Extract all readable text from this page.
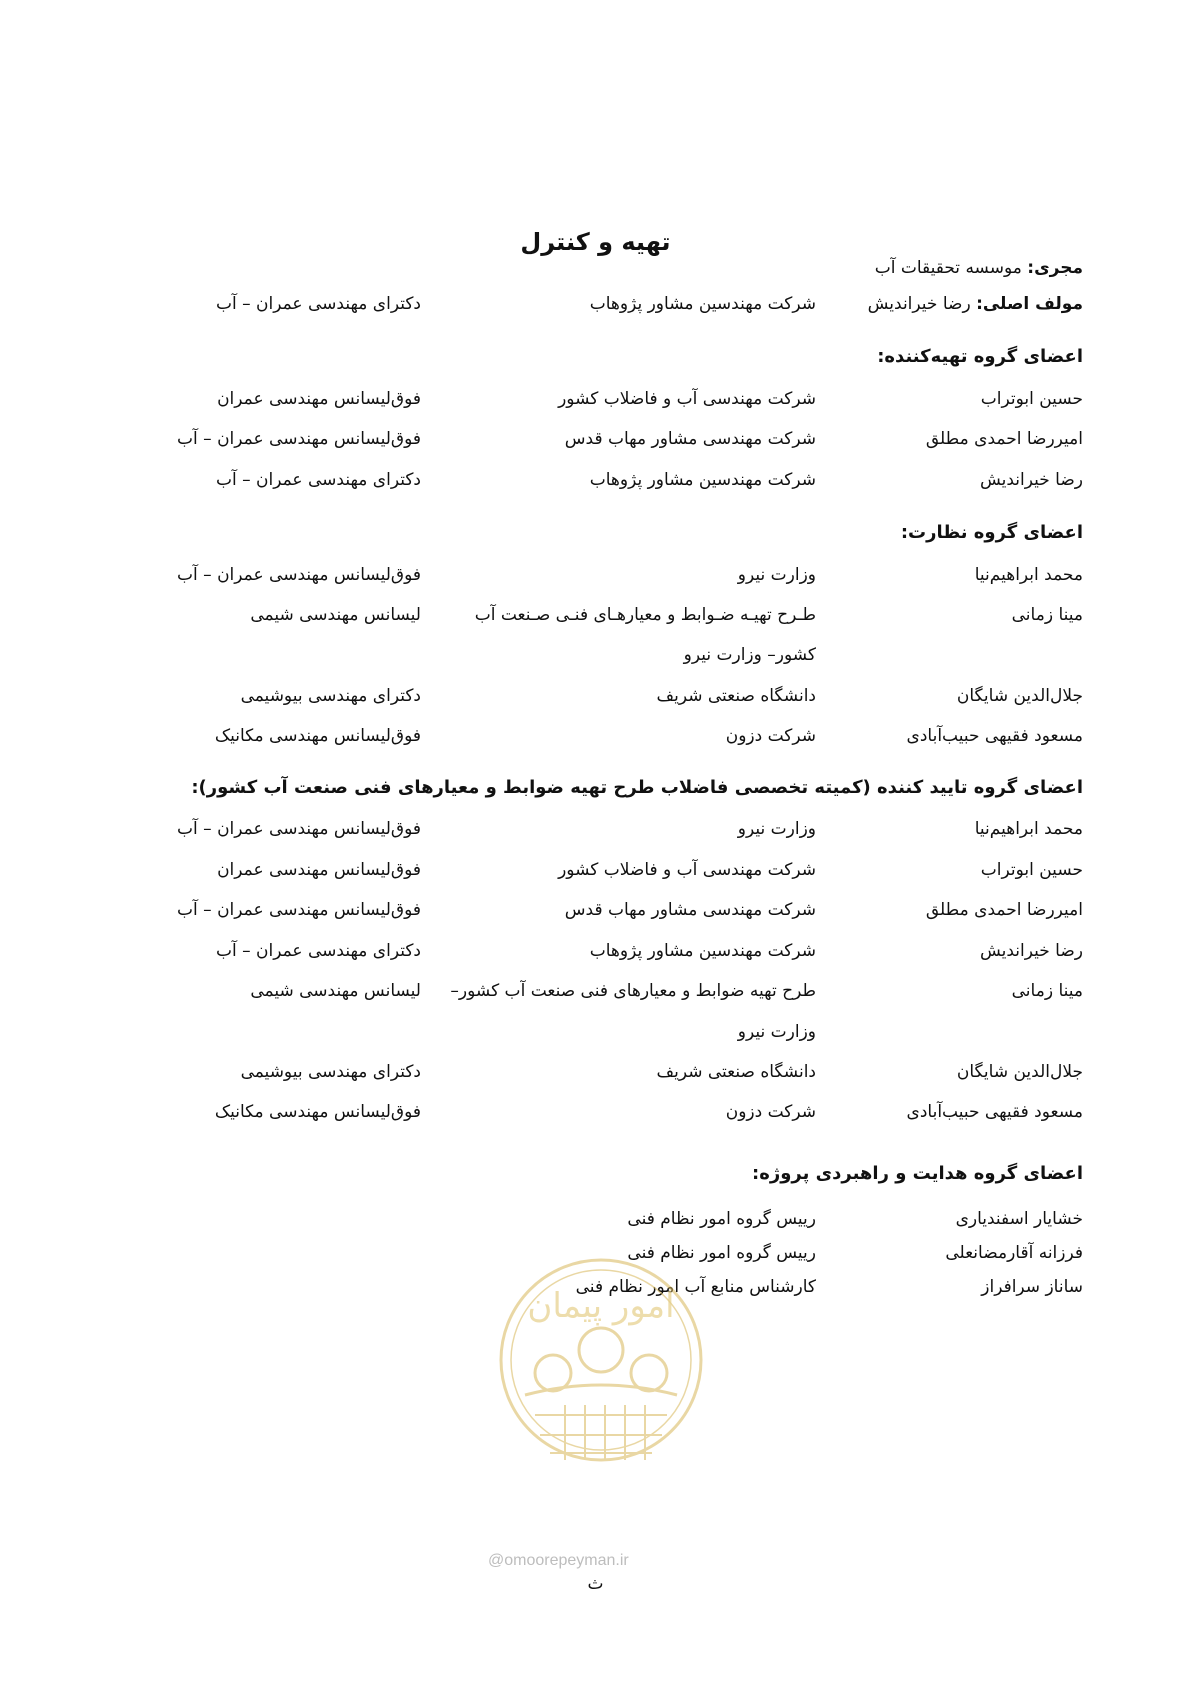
تهیه و کنترل
مجری: موسسه تحقیقات آب
مولف اصلی: رضا خیراندیش
شرکت مهندسین مشاور پژوهاب
دکترای مهندسی عمران – آب
اعضای گروه تهیه‌کننده:
حسین ابوتراب
شرکت مهندسی آب و فاضلاب کشور
فوق‌لیسانس مهندسی عمران
امیررضا احمدی مطلق
شرکت مهندسی مشاور مهاب قدس
فوق‌لیسانس مهندسی عمران – آب
رضا خیراندیش
شرکت مهندسین مشاور پژوهاب
دکترای مهندسی عمران – آب
اعضای گروه نظارت:
محمد ابراهیم‌نیا
وزارت نیرو
فوق‌لیسانس مهندسی عمران – آب
مینا زمانی
طـرح تهیـه ضـوابط و معیارهـای فنـی صـنعت آب
کشور– وزارت نیرو
لیسانس مهندسی شیمی
جلال‌الدین شایگان
دانشگاه صنعتی شریف
دکترای مهندسی بیوشیمی
مسعود فقیهی حبیب‌آبادی
شرکت دزون
فوق‌لیسانس مهندسی مکانیک
اعضای گروه تایید کننده (کمیته تخصصی فاضلاب طرح تهیه ضوابط و معیارهای فنی صنعت آب کشور):
محمد ابراهیم‌نیا
وزارت نیرو
فوق‌لیسانس مهندسی عمران – آب
حسین ابوتراب
شرکت مهندسی آب و فاضلاب کشور
فوق‌لیسانس مهندسی عمران
امیررضا احمدی مطلق
شرکت مهندسی مشاور مهاب قدس
فوق‌لیسانس مهندسی عمران – آب
رضا خیراندیش
شرکت مهندسین مشاور پژوهاب
دکترای مهندسی عمران – آب
مینا زمانی
طرح تهیه ضوابط و معیارهای فنی صنعت آب کشور–
وزارت نیرو
لیسانس مهندسی شیمی
جلال‌الدین شایگان
دانشگاه صنعتی شریف
دکترای مهندسی بیوشیمی
مسعود فقیهی حبیب‌آبادی
شرکت دزون
فوق‌لیسانس مهندسی مکانیک
اعضای گروه هدایت و راهبردی پروژه:
خشایار اسفندیاری
رییس گروه امور نظام فنی
فرزانه آقارمضانعلی
رییس گروه امور نظام فنی
ساناز سرافراز
کارشناس منابع آب امور نظام فنی
امور پیمان
@omoorepeyman.ir
ث
